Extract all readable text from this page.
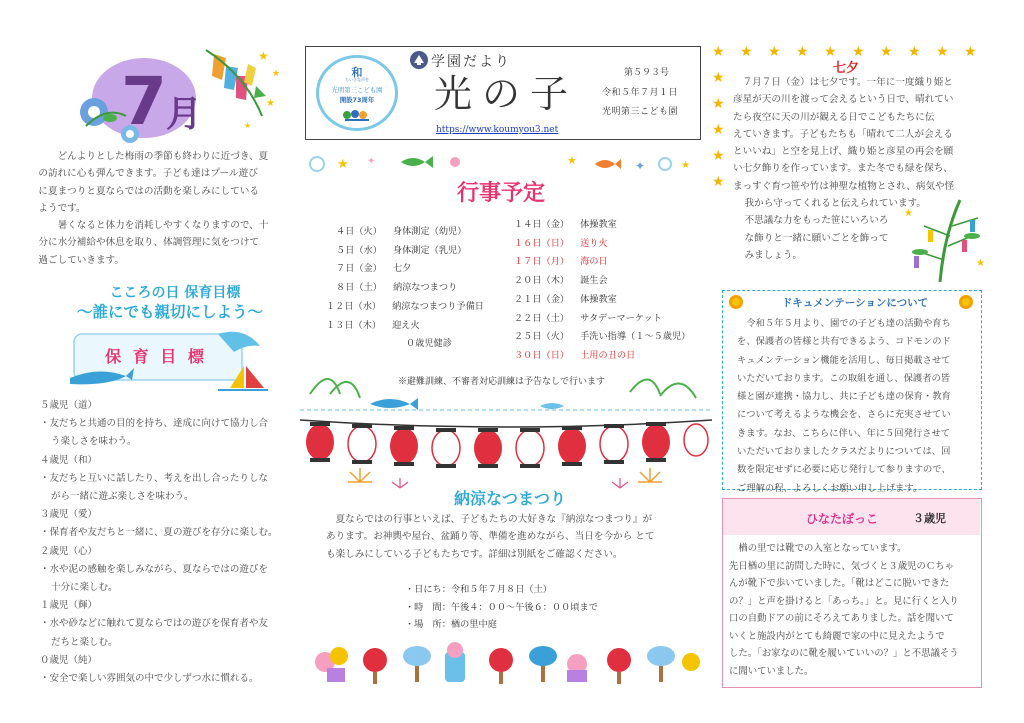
7 月
★
★
★
★
どんよりとした梅雨の季節も終わりに近づき、夏
の訪れに心も弾んできます。子ども達はプール遊び
に夏まつりと夏ならではの活動を楽しみにしている
ようです。
暑くなると体力を消耗しやすくなりますので、十
分に水分補給や休息を取り、体調管理に気をつけて
過ごしていきます。
こころの日 保育目標
～誰にでも親切にしよう～
保 育 目 標
５歳児（道）
・友だちと共通の目的を持ち、達成に向けて協力し合
う楽しさを味わう。
４歳児（和）
・友だちと互いに話したり、考えを出し合ったりしな
がら一緒に遊ぶ楽しさを味わう。
３歳児（愛）
・保育者や友だちと一緒に、夏の遊びを存分に楽しむ。
２歳児（心）
・水や泥の感触を楽しみながら、夏ならではの遊びを
十分に楽しむ。
１歳児（輝）
・水や砂などに触れて夏ならではの遊びを保育者や友
だちと楽しむ。
０歳児（純）
・安全で楽しい雰囲気の中で少しずつ水に慣れる。
和
ちいさな声を
光明第三こども園
開設73周年
学園だより
光の子
https://www.koumyou3.net
第５９３号
令和５年７月１日
光明第三こども園
★ ✦	★	✦	★
行事予定
４日（火） 身体測定（幼児）
５日（水） 身体測定（乳児）
７日（金） 七夕
８日（土） 納涼なつまつり
１２日（水） 納涼なつまつり予備日
１３日（木） 迎え火
０歳児健診
１４日（金） 体操教室
１６日（日） 送り火
１７日（月） 海の日
２０日（木） 誕生会
２１日（金） 体操教室
２２日（土） サタデーマーケット
２５日（火） 手洗い指導（１～５歳児）
３０日（日） 土用の丑の日
※避難訓練、不審者対応訓練は予告なしで行います
納涼なつまつり
夏ならではの行事といえば、子どもたちの大好きな『納涼なつまつり』が
あります。お神輿や屋台、盆踊り等、準備を進めながら、当日を今から とて
も楽しみにしている子どもたちです。詳細は別紙をご確認ください。
・日にち：令和５年７月８日（土）
・時　間：午後４：００～午後６：００頃まで
・場　所：楢の里中庭
★ ★ ★ ★ ★ ★ ★ ★ ★ ★
★
★
★
★
★
七夕
７月７日（金）は七夕です。一年に一度織り姫と
彦星が天の川を渡って会えるという日で、晴れてい
たら夜空に天の川が観える日でこどもたちに伝
えていきます。子どもたちも「晴れて二人が会える
といいね」と空を見上げ、織り姫と彦星の再会を願
い七夕飾りを作っています。また冬でも緑を保ち、
まっすぐ育つ笹や竹は神聖な植物とされ、病気や怪
我から守ってくれると伝えられています。
不思議な力をもった笹にいろいろ
な飾りと一緒に願いごとを飾って
みましょう。
★
★
ドキュメンテーションについて
令和５年５月より、園での子ども達の活動や育ち
を、保護者の皆様と共有できるよう、コドモンのド
キュメンテーション機能を活用し、毎日掲載させて
いただいております。この取組を通し、保護者の皆
様と園が連携・協力し、共に子ども達の保育・教育
について考えるような機会を、さらに充実させてい
きます。なお、こちらに伴い、年に５回発行させて
いただいておりましたクラスだよりについては、回
数を限定せずに必要に応じ発行して参りますので、
ご理解の程、よろしくお願い申し上げます。
ひなたぼっこ	３歳児

楢の里では靴での入室となっています。

先日楢の里に訪問した時に、気づくと３歳児のＣちゃ
んが靴下で歩いていました。「靴はどこに脱いできた
の？」と声を掛けると「あっち。」と。見に行くと入り
口の自動ドアの前にそろえてありました。話を聞いて
いくと施設内がとても綺麗で家の中に見えたようで
した。「お家なのに靴を履いていいの？」と不思議そう
に聞いていました。
